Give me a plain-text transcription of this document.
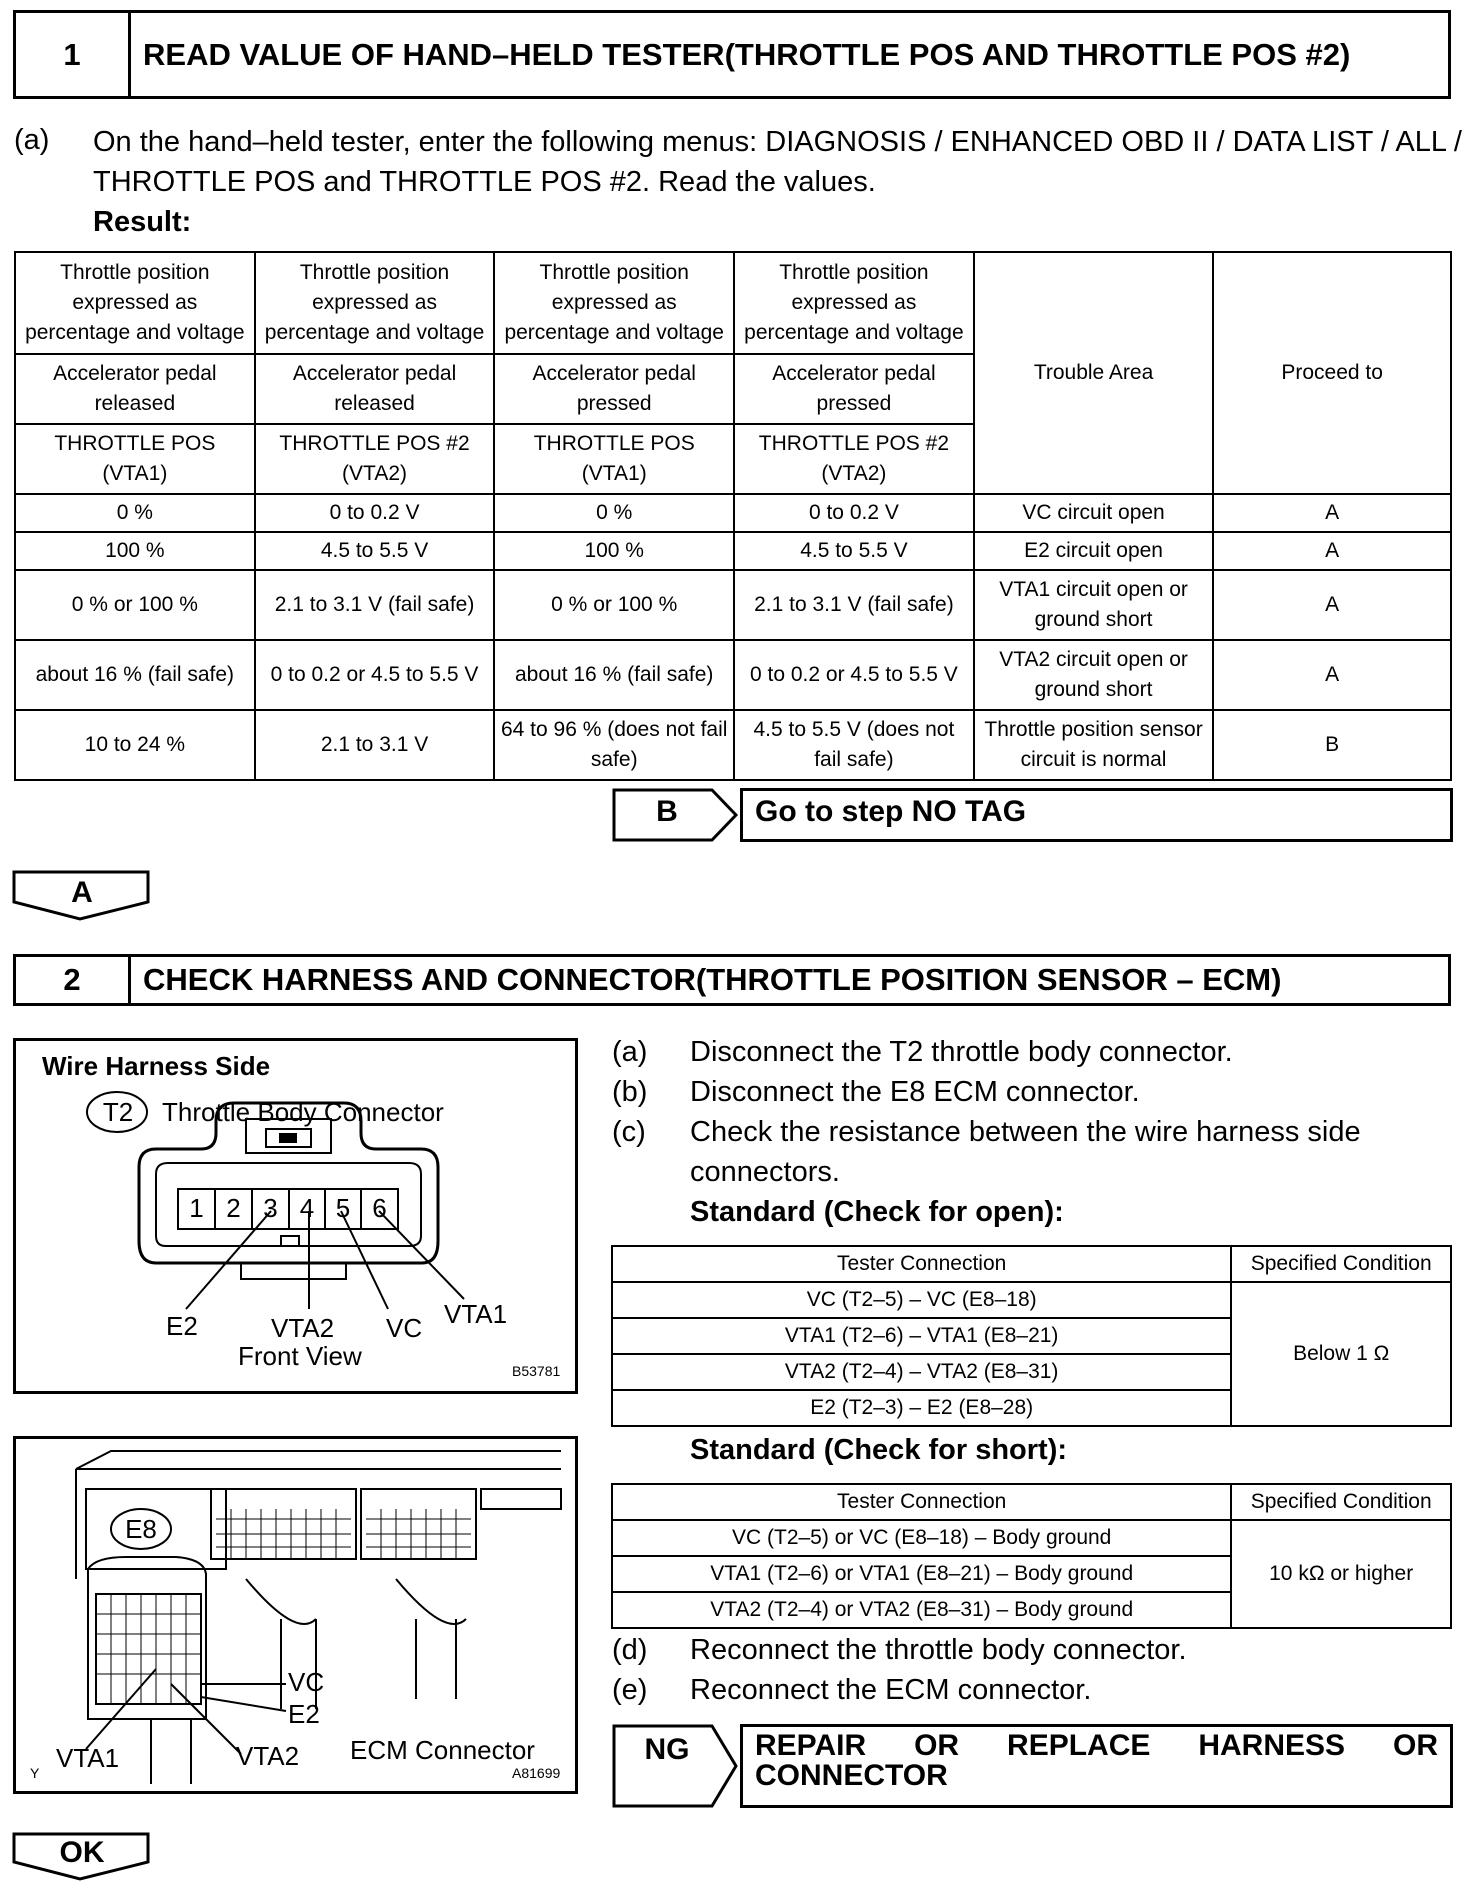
1	READ VALUE OF HAND–HELD TESTER(THROTTLE POS AND THROTTLE POS #2)
(a) On the hand–held tester, enter the following menus: DIAGNOSIS / ENHANCED OBD II / DATA LIST / ALL / THROTTLE POS and THROTTLE POS #2. Read the values.
Result:
Throttle position expressed as percentage and voltage	Throttle position expressed as percentage and voltage	Throttle position expressed as percentage and voltage	Throttle position expressed as percentage and voltage	Trouble Area	Proceed to
Accelerator pedal released	Accelerator pedal released	Accelerator pedal pressed	Accelerator pedal pressed		
THROTTLE POS (VTA1)	THROTTLE POS #2 (VTA2)	THROTTLE POS (VTA1)	THROTTLE POS #2 (VTA2)		
0 %	0 to 0.2 V	0 %	0 to 0.2 V	VC circuit open	A
100 %	4.5 to 5.5 V	100 %	4.5 to 5.5 V	E2 circuit open	A
0 % or 100 %	2.1 to 3.1 V (fail safe)	0 % or 100 %	2.1 to 3.1 V (fail safe)	VTA1 circuit open or ground short	A
about 16 % (fail safe)	0 to 0.2 or 4.5 to 5.5 V	about 16 % (fail safe)	0 to 0.2 or 4.5 to 5.5 V	VTA2 circuit open or ground short	A
10 to 24 %	2.1 to 3.1 V	64 to 96 % (does not fail safe)	4.5 to 5.5 V (does not fail safe)	Throttle position sensor circuit is normal	B
B	Go to step NO TAG
A
2	CHECK HARNESS AND CONNECTOR(THROTTLE POSITION SENSOR – ECM)
Wire Harness Side
T2	Throttle Body Connector
1 2 3 4 5 6
E2	VTA2 VC VTA1
Front View	B53781
E8
VC
E2
VTA1	VTA2 ECM Connector
Y	A81699
(a) Disconnect the T2 throttle body connector.
(b) Disconnect the E8 ECM connector.
(c) Check the resistance between the wire harness side connectors.
Standard (Check for open):
Tester Connection	Specified Condition
VC (T2–5) – VC (E8–18)	Below 1 Ω
VTA1 (T2–6) – VTA1 (E8–21)	
VTA2 (T2–4) – VTA2 (E8–31)	
E2 (T2–3) – E2 (E8–28)	
Standard (Check for short):
Tester Connection	Specified Condition
VC (T2–5) or VC (E8–18) – Body ground	10 kΩ or higher
VTA1 (T2–6) or VTA1 (E8–21) – Body ground	
VTA2 (T2–4) or VTA2 (E8–31) – Body ground	
(d) Reconnect the throttle body connector.
(e) Reconnect the ECM connector.
NG	REPAIR OR REPLACE HARNESS OR CONNECTOR
OK
